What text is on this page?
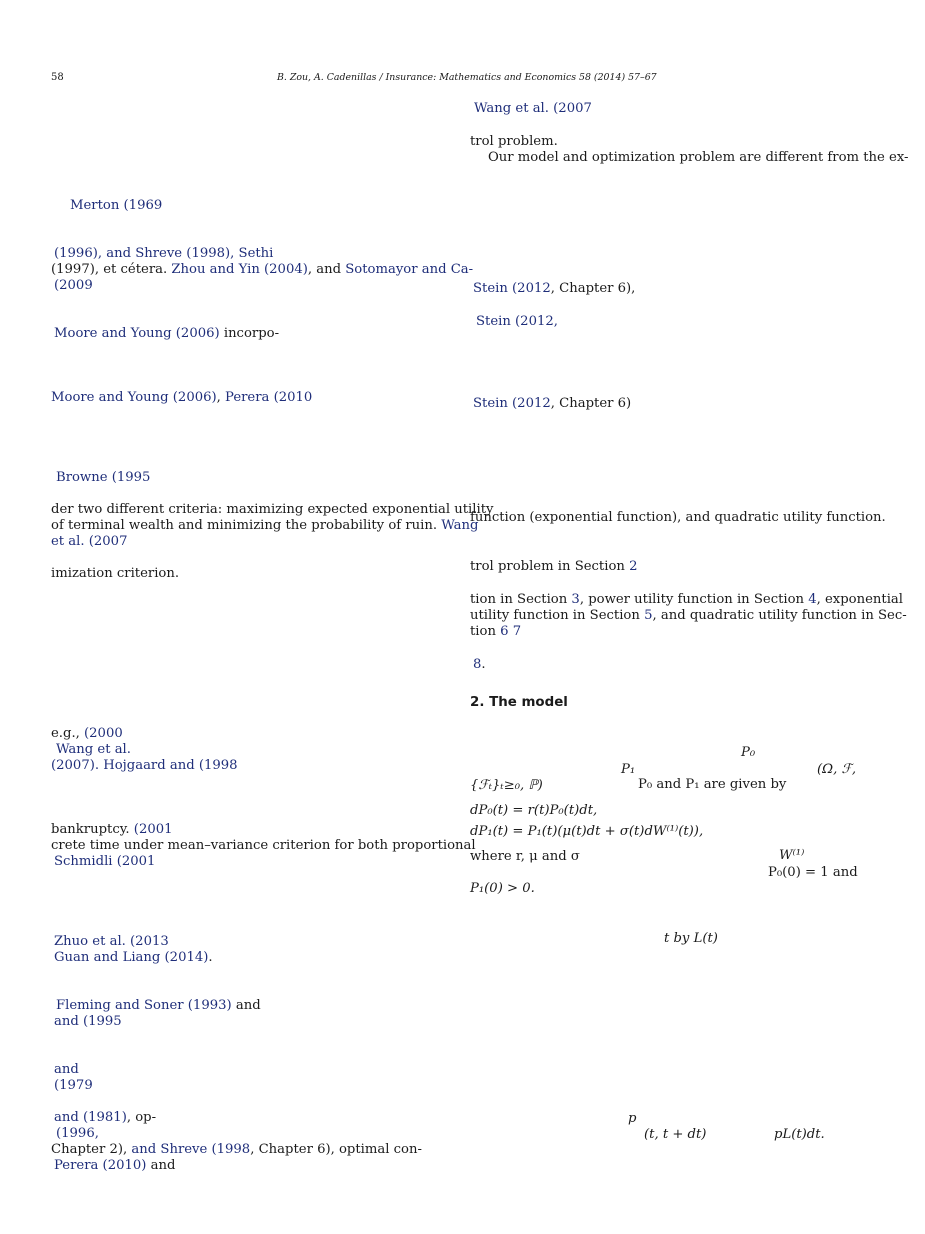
58	B. Zou, A. Cadenillas / Insurance: Mathematics and Economics 58 (2014) 57–67
Merton (1969
(1996), and Shreve (1998), Sethi
(1997), et cétera. Zhou and Yin (2004), and Sotomayor and Ca-
(2009
Moore and Young (2006) incorpo-
Moore and Young (2006), Perera (2010
Browne (1995
der two different criteria: maximizing expected exponential utility
of terminal wealth and minimizing the probability of ruin. Wang
et al. (2007
imization criterion.
e.g., (2000
Wang et al.
(2007). Hojgaard and (1998
bankruptcy. (2001
crete time under mean–variance criterion for both proportional
Schmidli (2001
Zhuo et al. (2013
Guan and Liang (2014).
Fleming and Soner (1993) and
and (1995
and
(1979
and (1981), op-
(1996,
Chapter 2), and Shreve (1998, Chapter 6), optimal con-
Perera (2010) and
Wang et al. (2007
trol problem.
Our model and optimization problem are different from the ex-
Stein (2012, Chapter 6),
Stein (2012,
Stein (2012, Chapter 6)
function (exponential function), and quadratic utility function.
trol problem in Section 2
tion in Section 3, power utility function in Section 4, exponential
utility function in Section 5, and quadratic utility function in Sec-
tion 6 7
8.
2. The model
P₀
P₁	(Ω, ℱ,
{ℱₜ}ₜ≥₀, ℙ)	P₀ and P₁ are given by
dP₀(t) = r(t)P₀(t)dt,
dP₁(t) = P₁(t)(μ(t)dt + σ(t)dW⁽¹⁾(t)),
where r, μ and σ	W⁽¹⁾
P₀(0) = 1 and
P₁(0) > 0.
t by L(t)
p
(t, t + dt)	pL(t)dt.
